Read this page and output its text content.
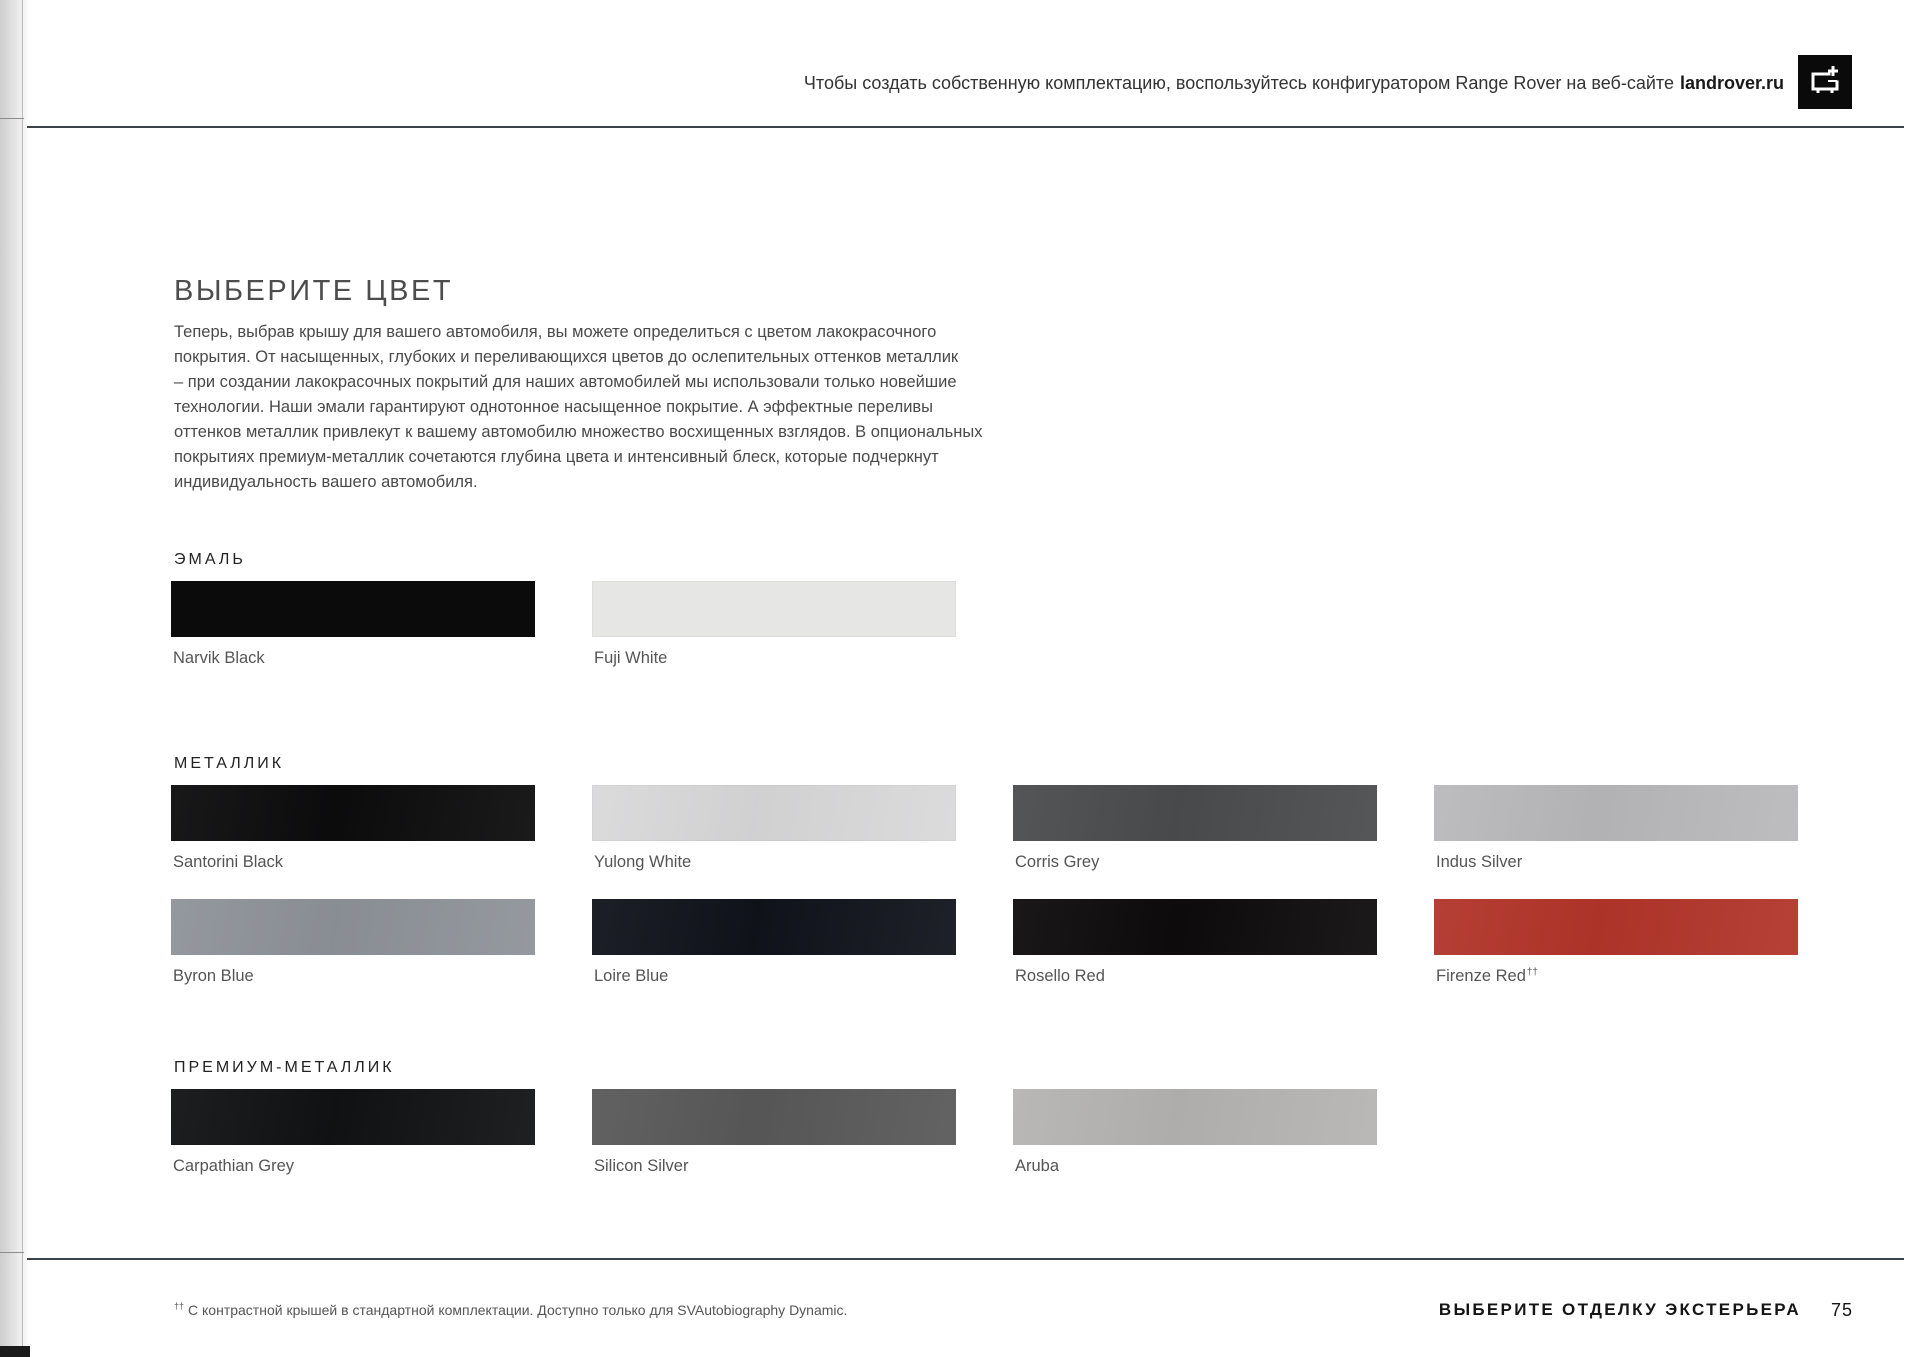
Чтобы создать собственную комплектацию, воспользуйтесь конфигуратором Range Rover на веб-сайте landrover.ru
ВЫБЕРИТЕ ЦВЕТ
Теперь, выбрав крышу для вашего автомобиля, вы можете определиться с цветом лакокрасочного
покрытия. От насыщенных, глубоких и переливающихся цветов до ослепительных оттенков металлик
– при создании лакокрасочных покрытий для наших автомобилей мы использовали только новейшие
технологии. Наши эмали гарантируют однотонное насыщенное покрытие. А эффектные переливы
оттенков металлик привлекут к вашему автомобилю множество восхищенных взглядов. В опциональных
покрытиях премиум-металлик сочетаются глубина цвета и интенсивный блеск, которые подчеркнут
индивидуальность вашего автомобиля.
ЭМАЛЬ
Narvik Black	Fuji White
МЕТАЛЛИК
Santorini Black	Yulong White	Corris Grey	Indus Silver
Byron Blue	Loire Blue	Rosello Red	Firenze Red††
ПРЕМИУМ-МЕТАЛЛИК
Carpathian Grey	Silicon Silver	Aruba
†† С контрастной крышей в стандартной комплектации. Доступно только для SVAutobiography Dynamic.	ВЫБЕРИТЕ ОТДЕЛКУ ЭКСТЕРЬЕРА 75
